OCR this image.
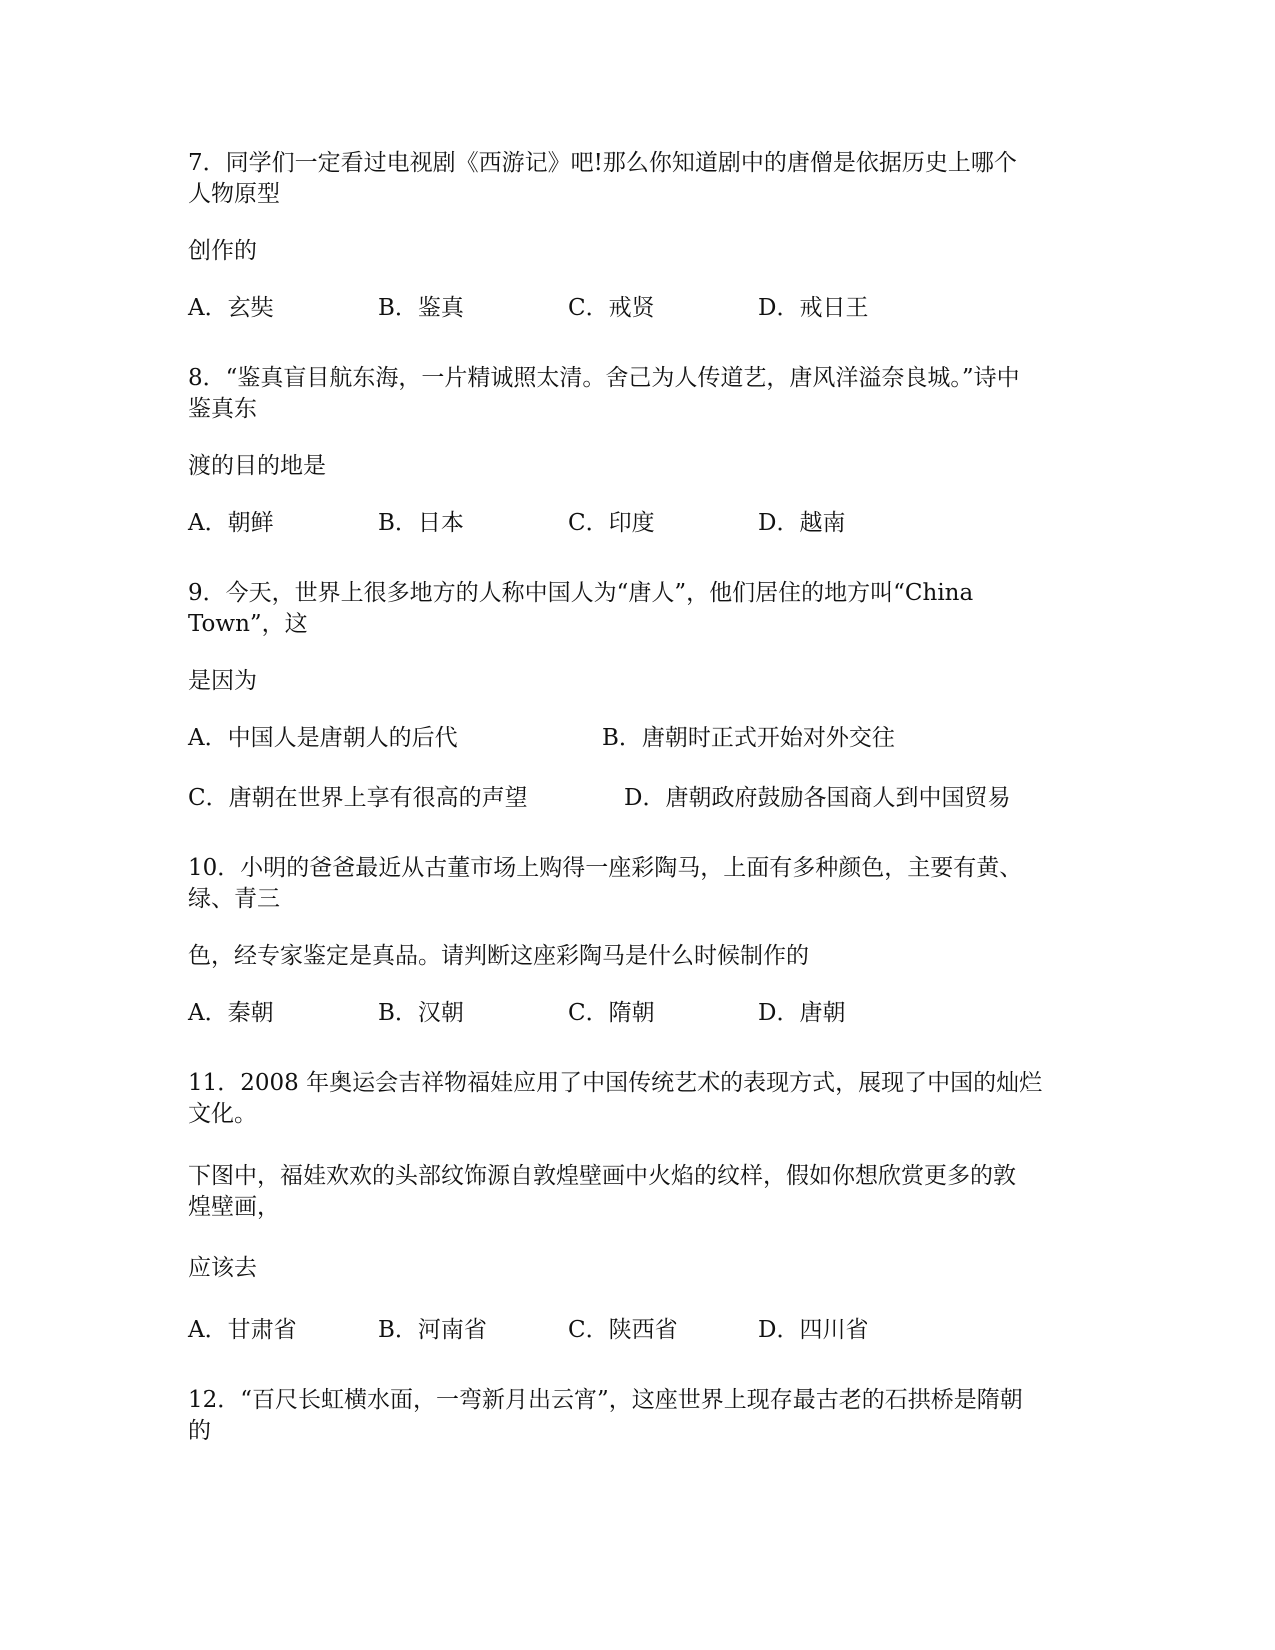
7．同学们一定看过电视剧《西游记》吧!那么你知道剧中的唐僧是依据历史上哪个
人物原型
创作的
A．玄奘	B．鉴真	C．戒贤	D．戒日王
8．“鉴真盲目航东海，一片精诚照太清。舍己为人传道艺，唐风洋溢奈良城。”诗中
鉴真东
渡的目的地是
A．朝鲜	B．日本	C．印度	D．越南
9．今天，世界上很多地方的人称中国人为“唐人”，他们居住的地方叫“China
Town”，这
是因为
A．中国人是唐朝人的后代	B．唐朝时正式开始对外交往
C．唐朝在世界上享有很高的声望	D．唐朝政府鼓励各国商人到中国贸易
10．小明的爸爸最近从古董市场上购得一座彩陶马，上面有多种颜色，主要有黄、
绿、青三
色，经专家鉴定是真品。请判断这座彩陶马是什么时候制作的
A．秦朝	B．汉朝	C．隋朝	D．唐朝
11．2008 年奥运会吉祥物福娃应用了中国传统艺术的表现方式，展现了中国的灿烂
文化。
下图中，福娃欢欢的头部纹饰源自敦煌壁画中火焰的纹样，假如你想欣赏更多的敦
煌壁画，
应该去
A．甘肃省	B．河南省	C．陕西省	D．四川省
12．“百尺长虹横水面，一弯新月出云宵”，这座世界上现存最古老的石拱桥是隋朝
的
